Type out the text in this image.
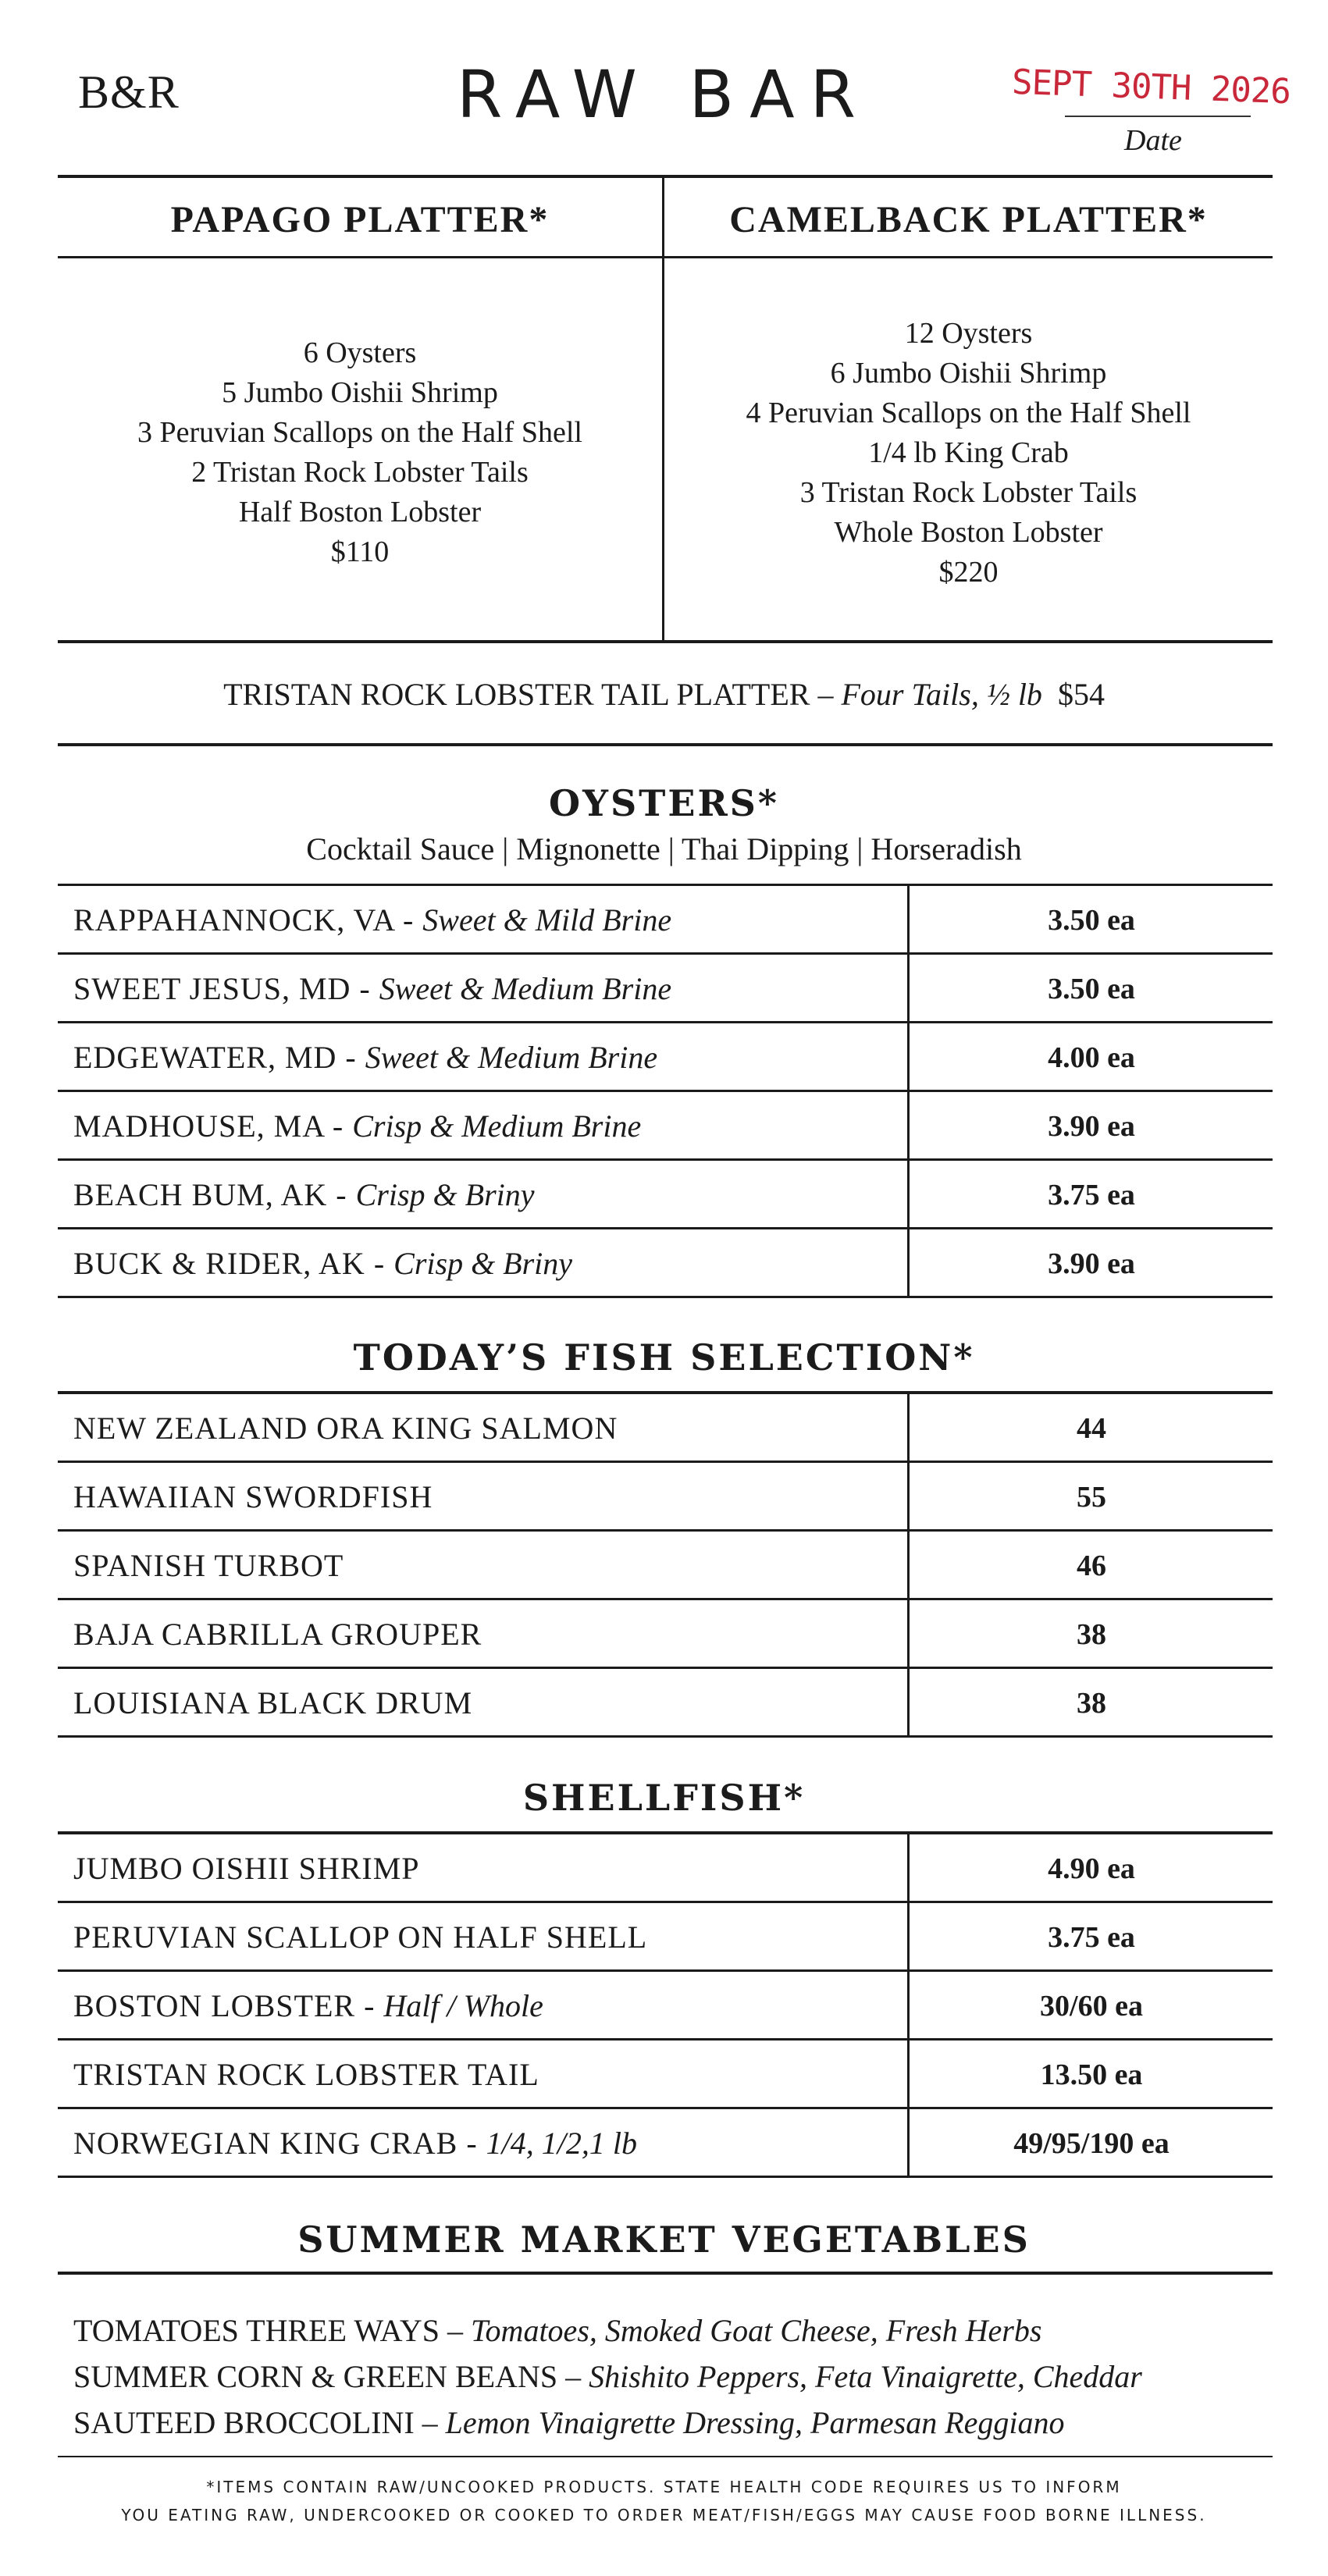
B&R	RAW BAR	SEPT 30TH 2026
Date
PAPAGO PLATTER*	CAMELBACK PLATTER*
6 Oysters
5 Jumbo Oishii Shrimp
3 Peruvian Scallops on the Half Shell
2 Tristan Rock Lobster Tails
Half Boston Lobster
$110
12 Oysters
6 Jumbo Oishii Shrimp
4 Peruvian Scallops on the Half Shell
1/4 lb King Crab
3 Tristan Rock Lobster Tails
Whole Boston Lobster
$220
TRISTAN ROCK LOBSTER TAIL PLATTER – Four Tails, ½ lb $54
OYSTERS*
Cocktail Sauce | Mignonette | Thai Dipping | Horseradish
RAPPAHANNOCK, VA - Sweet & Mild Brine	3.50 ea
SWEET JESUS, MD - Sweet & Medium Brine	3.50 ea
EDGEWATER, MD - Sweet & Medium Brine	4.00 ea
MADHOUSE, MA - Crisp & Medium Brine	3.90 ea
BEACH BUM, AK - Crisp & Briny	3.75 ea
BUCK & RIDER, AK - Crisp & Briny	3.90 ea
TODAY’S FISH SELECTION*
NEW ZEALAND ORA KING SALMON	44
HAWAIIAN SWORDFISH	55
SPANISH TURBOT	46
BAJA CABRILLA GROUPER	38
LOUISIANA BLACK DRUM	38
SHELLFISH*
JUMBO OISHII SHRIMP	4.90 ea
PERUVIAN SCALLOP ON HALF SHELL	3.75 ea
BOSTON LOBSTER - Half / Whole	30/60 ea
TRISTAN ROCK LOBSTER TAIL	13.50 ea
NORWEGIAN KING CRAB - 1/4, 1/2,1 lb	49/95/190 ea
SUMMER MARKET VEGETABLES
TOMATOES THREE WAYS – Tomatoes, Smoked Goat Cheese, Fresh Herbs
SUMMER CORN & GREEN BEANS – Shishito Peppers, Feta Vinaigrette, Cheddar
SAUTEED BROCCOLINI – Lemon Vinaigrette Dressing, Parmesan Reggiano
*ITEMS CONTAIN RAW/UNCOOKED PRODUCTS. STATE HEALTH CODE REQUIRES US TO INFORM
YOU EATING RAW, UNDERCOOKED OR COOKED TO ORDER MEAT/FISH/EGGS MAY CAUSE FOOD BORNE ILLNESS.
